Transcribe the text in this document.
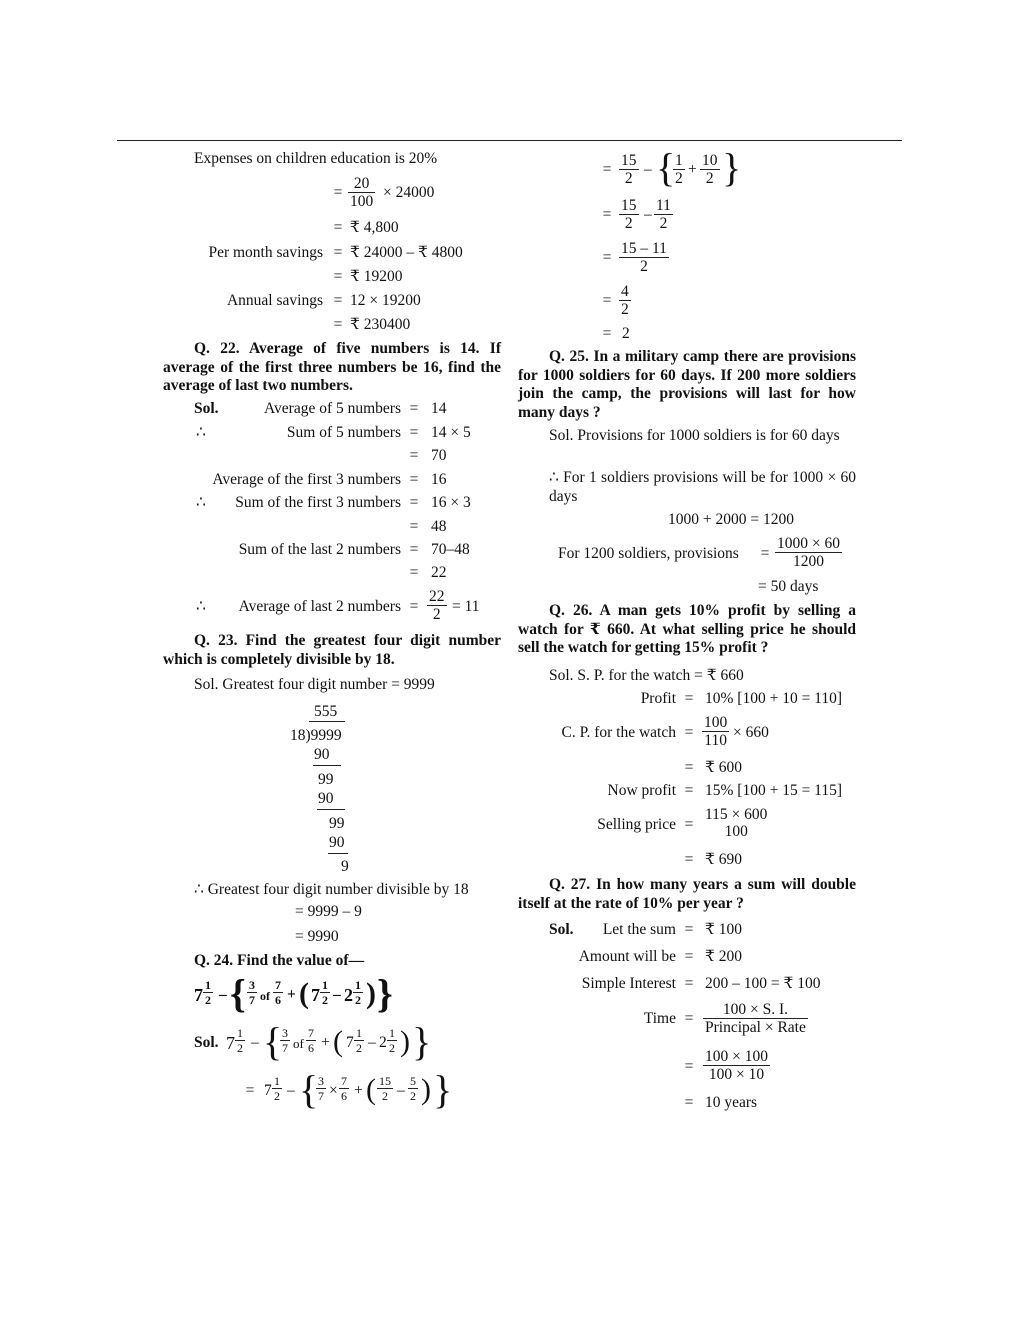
Expenses on children education is 20%
= $\frac{20}{100} \times 24000$
= ₹ 4,800
Per month savings = ₹ 24000 – ₹ 4800
= ₹ 19200
Annual savings = 12 × 19200
= ₹ 230400
Q. 22. Average of five numbers is 14. If average of the first three numbers be 16, find the average of last two numbers.
Sol.	Average of 5 numbers = 14
∴	Sum of 5 numbers = 14 × 5
= 70
Average of the first 3 numbers = 16
∴	Sum of the first 3 numbers = 16 × 3
= 48
Sum of the last 2 numbers = 70–48
= 22
∴	Average of last 2 numbers = $\frac{22}{2} = 11$
Q. 23. Find the greatest four digit number which is completely divisible by 18.
Sol. Greatest four digit number = 9999
555
18)9999
90
99
90
99
90
9
∴ Greatest four digit number divisible by 18
= 9999 – 9
= 9990
Q. 24. Find the value of—
$7 \frac{1}{2}$ – { $\frac{3}{7}$ of $\frac{7}{6}$ + ( $7 \frac{1}{2} - 2 \frac{1}{2}$ ) }
Sol. $7 \frac{1}{2}$ – {
$\frac{3}{7}$ of $\frac{7}{6}$ + ( $7 \frac{1}{2} - 2 \frac{1}{2}$ ) }
= $7 \frac{1}{2}$ – {
$\frac{3}{7} \times \frac{7}{6}$ + ( $\frac{15}{2} - \frac{5}{2}$ ) }
= $\frac{15}{2}$ – {
$\frac{1}{2} + \frac{10}{2}$ }
= $\frac{15}{2} - \frac{11}{2}$
= $\frac{15 - 11}{2}$
= $\frac{4}{2}$
= 2
Q. 25. In a military camp there are provisions for 1000 soldiers for 60 days. If 200 more soldiers join the camp, the provisions will last for how many days ?
Sol. Provisions for 1000 soldiers is for 60 days
∴ For 1 soldiers provisions will be for 1000 × 60 days
1000 + 2000 = 1200
For 1200 soldiers, provisions = $\frac{1000 \times 60}{1200}$
= 50 days
Q. 26. A man gets 10% profit by selling a watch for ₹ 660. At what selling price he should sell the watch for getting 15% profit ?
Sol. S. P. for the watch = ₹ 660
Profit = 10% [100 + 10 = 110]
C. P. for the watch = $\frac{100}{110} \times 660$
= ₹ 600
Now profit = 15% [100 + 15 = 115]
Selling price =
115 × 600
100
= ₹ 690
Q. 27. In how many years a sum will double itself at the rate of 10% per year ?
Sol.	Let the sum = ₹ 100
Amount will be = ₹ 200
Simple Interest = 200 – 100 = ₹ 100
Time =
100 × S. I.
Principal × Rate
= $\frac{100 \times 100}{100 \times 10}$
= 10 years
